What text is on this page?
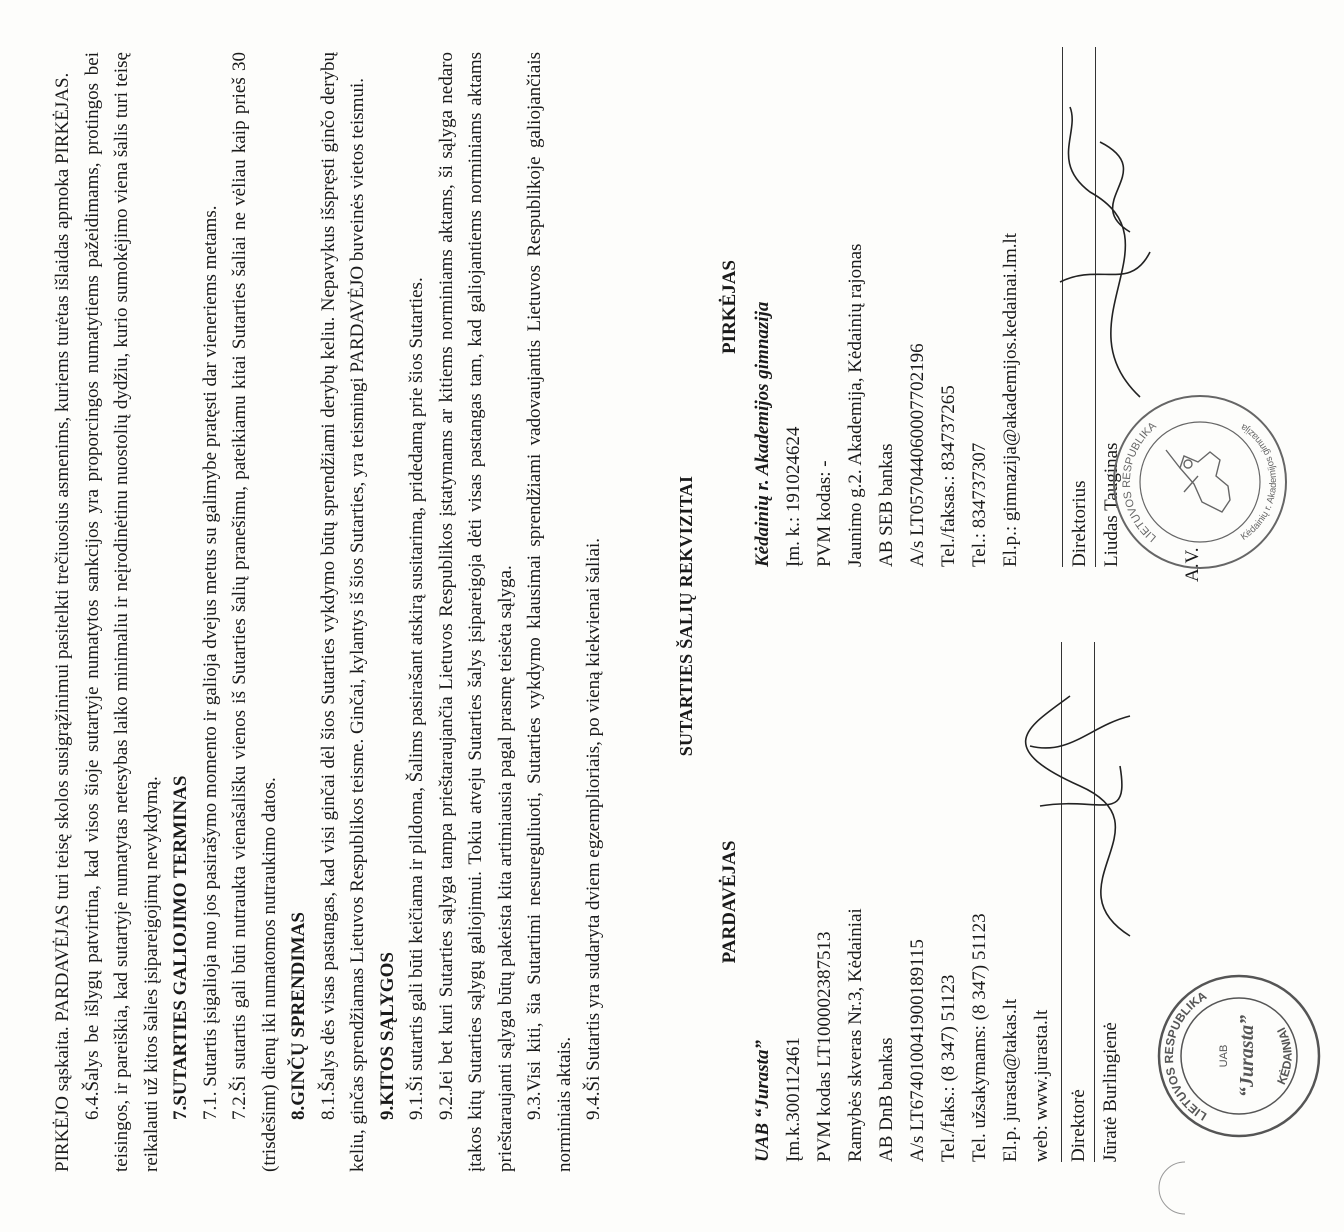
PIRKĖJO sąskaita. PARDAVĖJAS turi teisę skolos susigrąžinimui pasitelkti trečiuosius asmenims, kuriems turėtas išlaidas apmoka PIRKĖJAS. 6.4.Šalys be išlygų patvirtina, kad visos šioje sutartyje numatytos sankcijos yra proporcingos numatytiems pažeidimams, protingos bei teisingos, ir pareiškia, kad sutartyje numatytas netesybas laiko minimaliu ir neįrodinėtinu nuostolių dydžiu, kurio sumokėjimo viena šalis turi teisę reikalauti už kitos šalies įsipareigojimų nevykdymą. 7.SUTARTIES GALIOJIMO TERMINAS 7.1. Sutartis įsigalioja nuo jos pasirašymo momento ir galioja dvejus metus su galimybe pratęsti dar vieneriems metams. 7.2.Ši sutartis gali būti nutraukta vienašališku vienos iš Sutarties šalių pranešimu, pateikiamu kitai Sutarties šaliai ne vėliau kaip prieš 30 (trisdešimt) dienų iki numatomos nutraukimo datos. 8.GINČŲ SPRENDIMAS 8.1.Šalys dės visas pastangas, kad visi ginčai dėl šios Sutarties vykdymo būtų sprendžiami derybų keliu. Nepavykus išspręsti ginčo derybų keliu, ginčas sprendžiamas Lietuvos Respublikos teisme. Ginčai, kylantys iš šios Sutarties, yra teismingi PARDAVĖJO buveinės vietos teismui. 9.KITOS SĄLYGOS 9.1.Ši sutartis gali būti keičiama ir pildoma, Šalims pasirašant atskirą susitarimą, pridedamą prie šios Sutarties. 9.2.Jei bet kuri Sutarties sąlyga tampa prieštaraujančia Lietuvos Respublikos įstatymams ar kitiems norminiams aktams, ši sąlyga nedaro įtakos kitų Sutarties sąlygų galiojimui. Tokiu atveju Sutarties šalys įsipareigoja dėti visas pastangas tam, kad galiojantiems norminiams aktams prieštaraujanti sąlyga būtų pakeista kita artimiausia pagal prasmę teisėta sąlyga. 9.3.Visi kiti, šia Sutartimi nesureguliuoti, Sutarties vykdymo klausimai sprendžiami vadovaujantis Lietuvos Respublikoje galiojančiais norminiais aktais. 9.4.Ši Sutartis yra sudaryta dviem egzemplioriais, po vieną kiekvienai šaliai.	SUTARTIES ŠALIŲ REKVIZITAI
PARDAVĖJAS
UAB “Jurasta” Įm.k.300112461 PVM kodas LT100002387513 Ramybės skveras Nr.3, Kėdainiai AB DnB bankas A/s LT674010041900189115 Tel./faks.: (8 347) 51123 Tel. užsakymams: (8 347) 51123 El.p. jurasta@takas.lt web: www.jurasta.lt Direktorė Jūratė Burlingienė
PIRKĖJAS Kėdainių r. Akademijos gimnazija Įm. k.: 191024624 PVM kodas: - Jaunimo g.2. Akademija, Kėdainių rajonas AB SEB bankas A/s LT057044060007702196 Tel./faksas.: 834737265 Tel.: 834737307 El.p.: gimnazija@akademijos.kedainai.lm.lt	Direktorius Liudas Tauginas	A.V.
LIETUVOS RESPUBLIKA
KĖDAINIAI
UAB “Jurasta”
LIETUVOS RESPUBLIKA
Kėdainių r. Akademijos gimnazija
